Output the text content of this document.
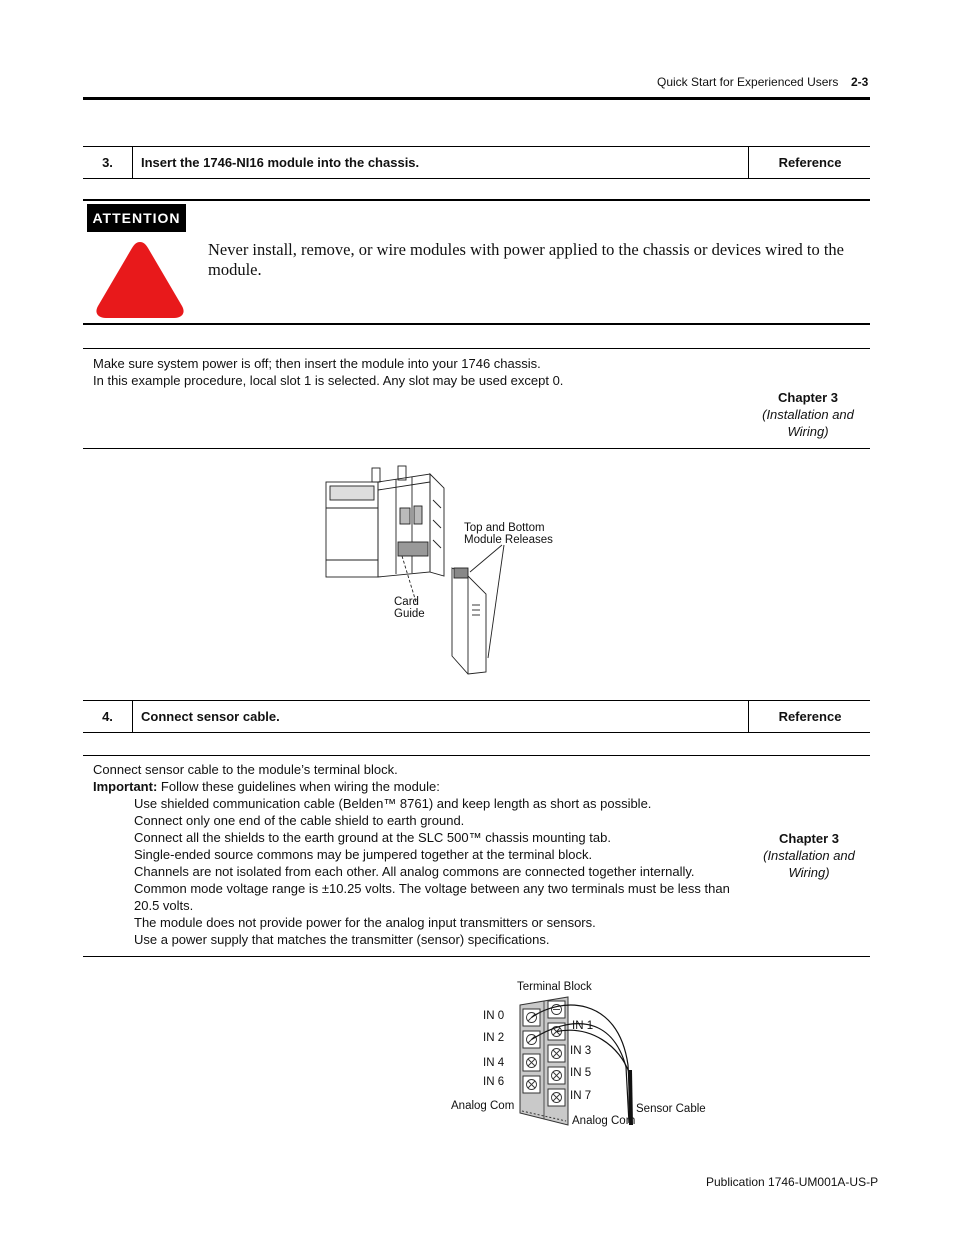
Quick Start for Experienced Users 2-3
3.	Insert the 1746-NI16 module into the chassis.	Reference
ATTENTION
Never install, remove, or wire modules with power applied to the chassis or devices wired to the module.
Make sure system power is off; then insert the module into your 1746 chassis.
In this example procedure, local slot 1 is selected. Any slot may be used except 0.
Chapter 3
(Installation and Wiring)
Top and Bottom
Module Releases
Card
Guide
4.	Connect sensor cable.	Reference
Connect sensor cable to the module’s terminal block.
Important: Follow these guidelines when wiring the module:
Use shielded communication cable (Belden™ 8761) and keep length as short as possible.
Connect only one end of the cable shield to earth ground.
Connect all the shields to the earth ground at the SLC 500™ chassis mounting tab.
Single-ended source commons may be jumpered together at the terminal block.
Channels are not isolated from each other. All analog commons are connected together internally.
Common mode voltage range is ±10.25 volts. The voltage between any two terminals must be less than
20.5 volts.
The module does not provide power for the analog input transmitters or sensors.
Use a power supply that matches the transmitter (sensor) specifications.
Chapter 3
(Installation and Wiring)
Terminal Block
IN 0
IN 2
IN 4
IN 6
IN 1
IN 3
IN 5
IN 7
Analog Com
Analog Com
Sensor Cable
Publication 1746-UM001A-US-P
